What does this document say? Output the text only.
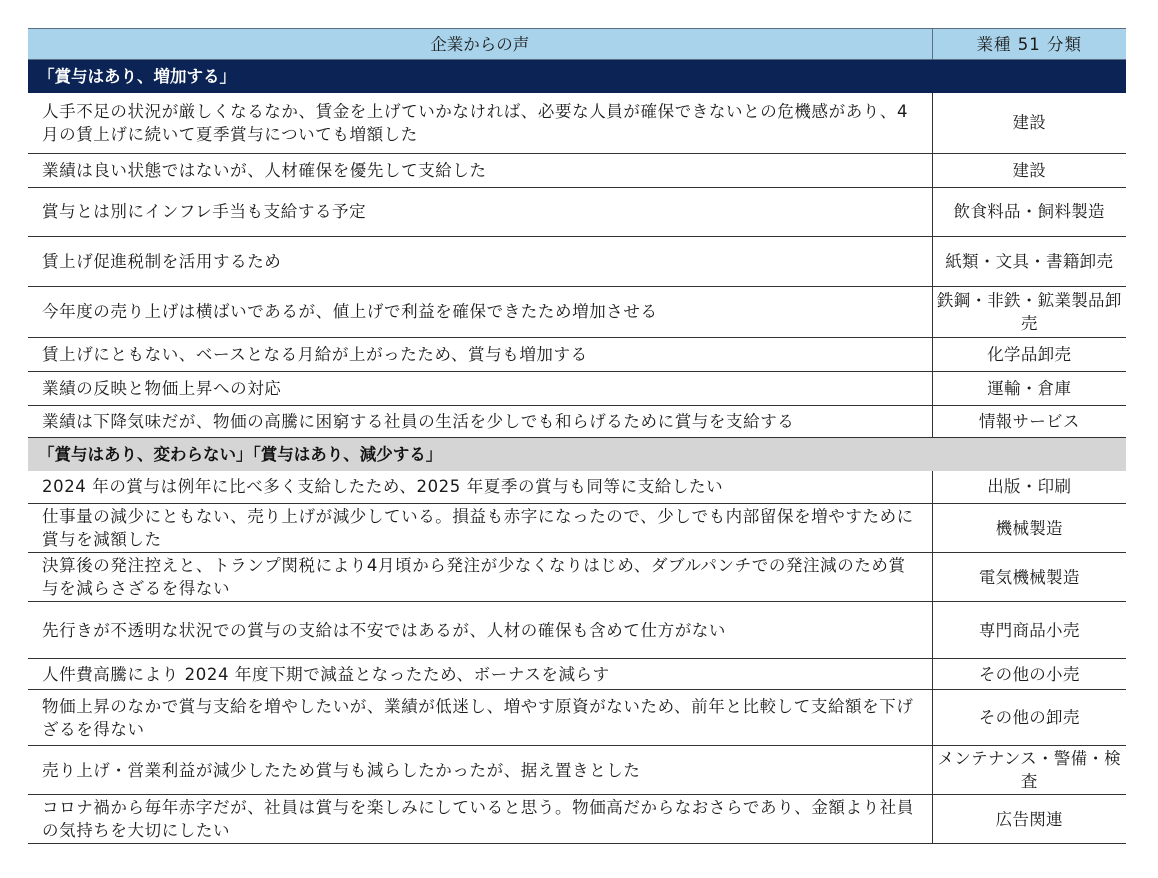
企業からの声	業種 51 分類
「賞与はあり、増加する」	
人手不足の状況が厳しくなるなか、賃金を上げていかなければ、必要な人員が確保できないとの危機感があり、4月の賃上げに続いて夏季賞与についても増額した	建設
業績は良い状態ではないが、人材確保を優先して支給した	建設
賞与とは別にインフレ手当も支給する予定	飲食料品・飼料製造
賃上げ促進税制を活用するため	紙類・文具・書籍卸売
今年度の売り上げは横ばいであるが、値上げで利益を確保できたため増加させる	鉄鋼・非鉄・鉱業製品卸売
賃上げにともない、ベースとなる月給が上がったため、賞与も増加する	化学品卸売
業績の反映と物価上昇への対応	運輸・倉庫
業績は下降気味だが、物価の高騰に困窮する社員の生活を少しでも和らげるために賞与を支給する	情報サービス
「賞与はあり、変わらない」「賞与はあり、減少する」	
2024 年の賞与は例年に比べ多く支給したため、2025 年夏季の賞与も同等に支給したい	出版・印刷
仕事量の減少にともない、売り上げが減少している。損益も赤字になったので、少しでも内部留保を増やすために賞与を減額した	機械製造
決算後の発注控えと、トランプ関税により4月頃から発注が少なくなりはじめ、ダブルパンチでの発注減のため賞与を減らさざるを得ない	電気機械製造
先行きが不透明な状況での賞与の支給は不安ではあるが、人材の確保も含めて仕方がない	専門商品小売
人件費高騰により 2024 年度下期で減益となったため、ボーナスを減らす	その他の小売
物価上昇のなかで賞与支給を増やしたいが、業績が低迷し、増やす原資がないため、前年と比較して支給額を下げざるを得ない	その他の卸売
売り上げ・営業利益が減少したため賞与も減らしたかったが、据え置きとした	メンテナンス・警備・検査
コロナ禍から毎年赤字だが、社員は賞与を楽しみにしていると思う。物価高だからなおさらであり、金額より社員の気持ちを大切にしたい	広告関連
